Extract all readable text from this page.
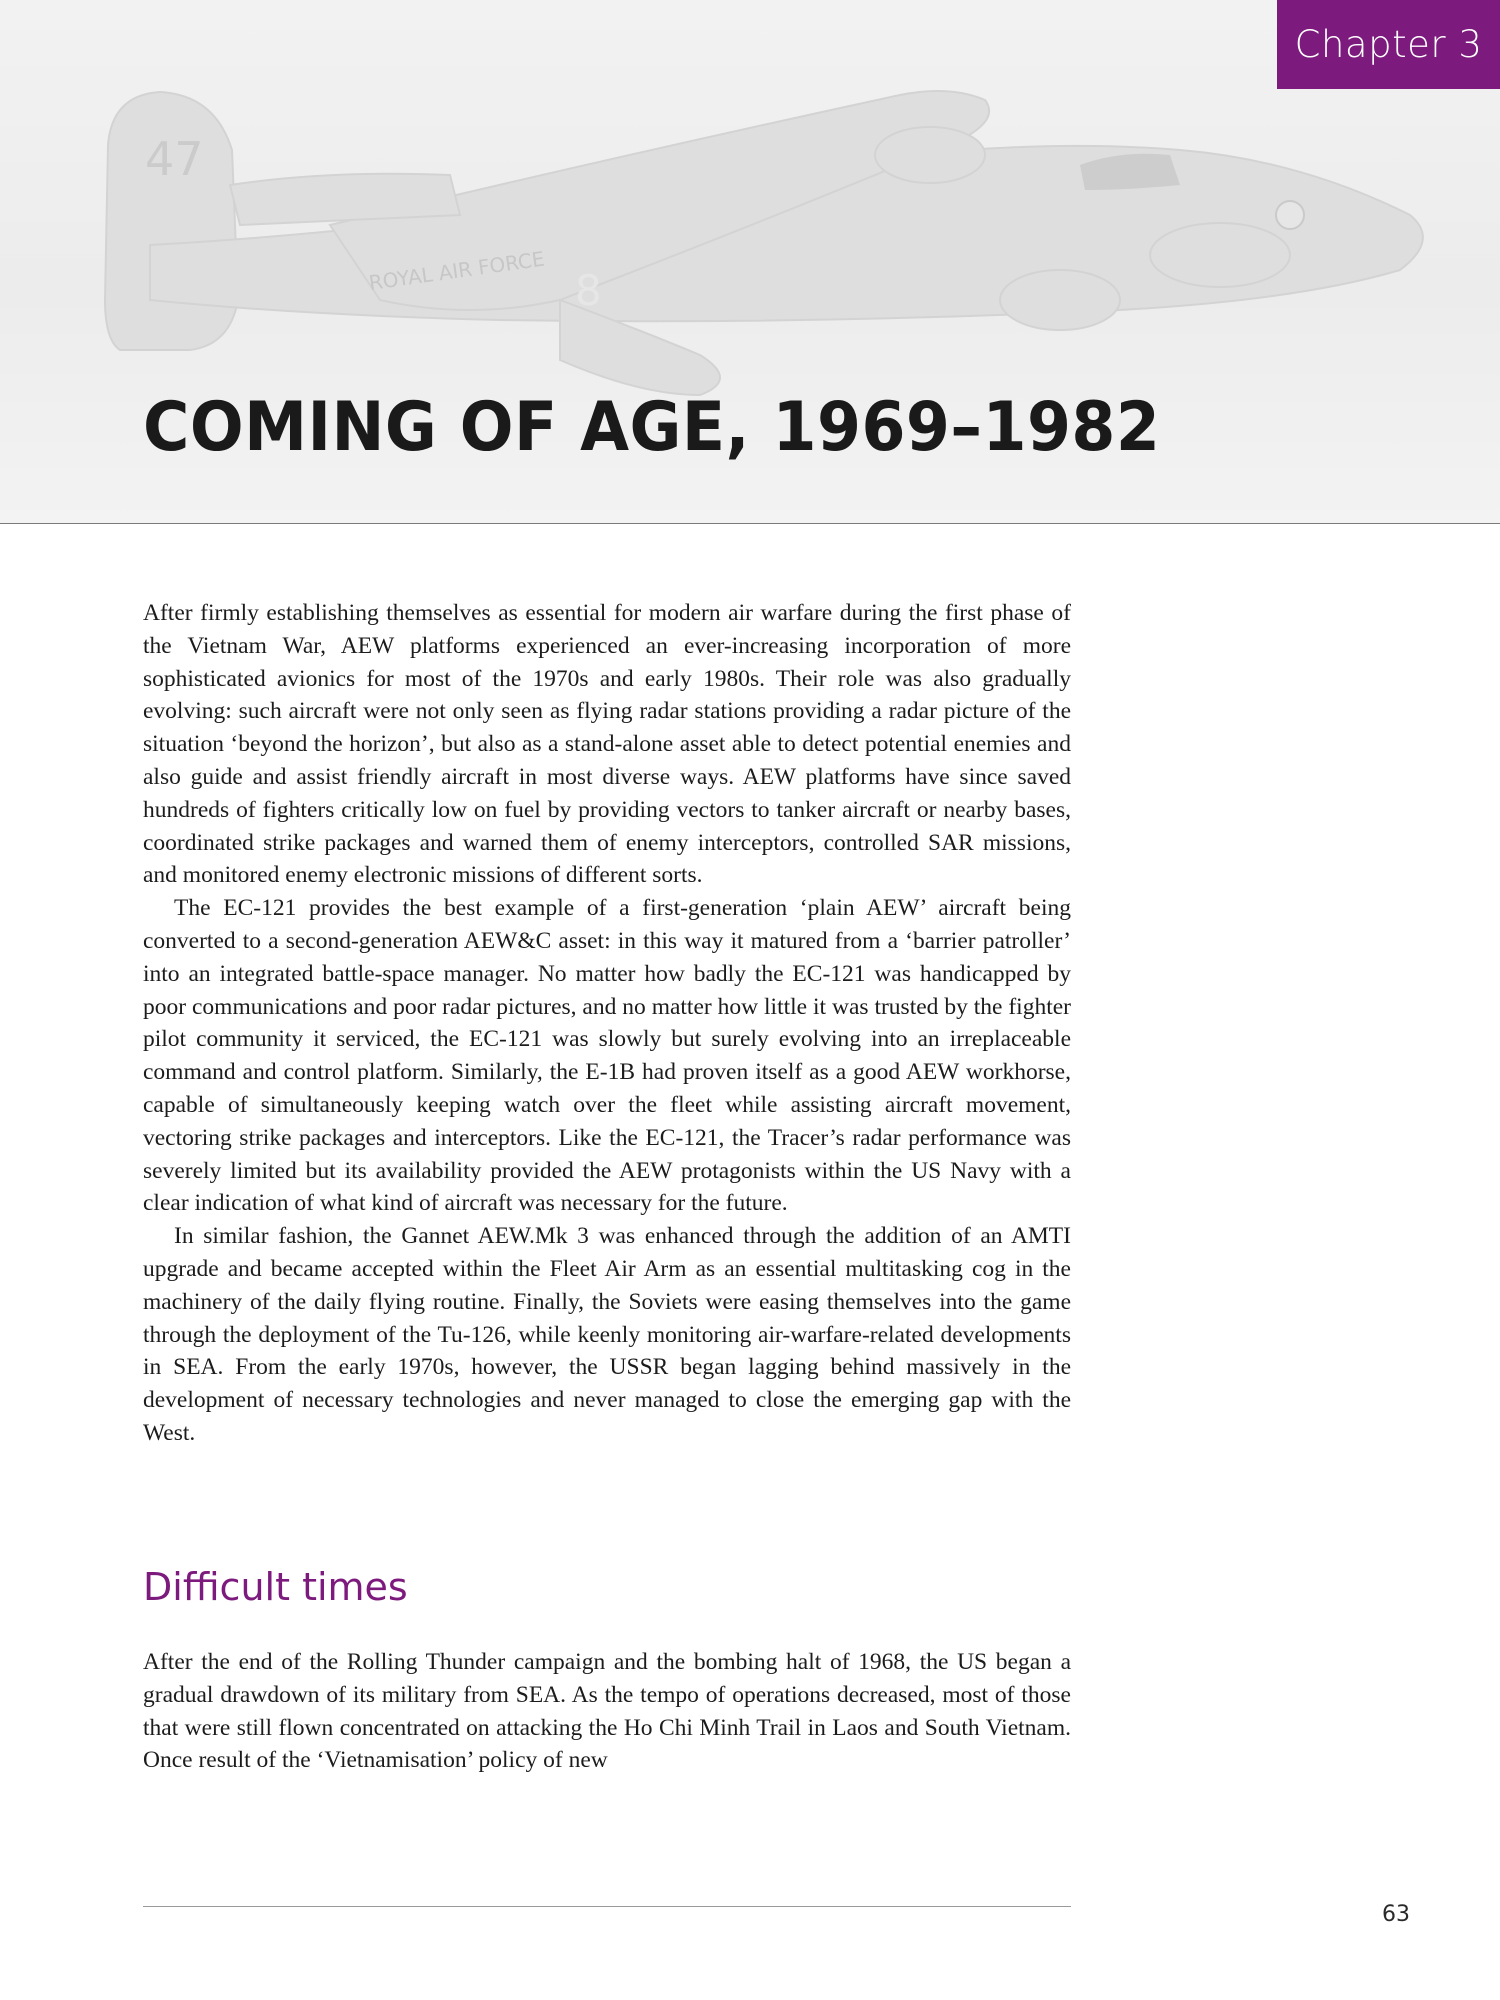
47
ROYAL AIR FORCE 8
Chapter 3
COMING OF AGE, 1969–1982

After firmly establishing themselves as essential for modern air warfare during the first phase of the Vietnam War, AEW platforms experienced an ever-increasing incorporation of more sophisticated avionics for most of the 1970s and early 1980s. Their role was also gradually evolving: such aircraft were not only seen as flying radar stations providing a radar picture of the situation ‘beyond the horizon’, but also as a stand-alone asset able to detect potential enemies and also guide and assist friendly aircraft in most diverse ways. AEW platforms have since saved hundreds of fighters critically low on fuel by providing vectors to tanker aircraft or nearby bases, coordinated strike packages and warned them of enemy interceptors, controlled SAR missions, and monitored enemy electronic missions of different sorts.

The EC-121 provides the best example of a first-generation ‘plain AEW’ aircraft being converted to a second-generation AEW&C asset: in this way it matured from a ‘barrier patroller’ into an integrated battle-space manager. No matter how badly the EC-121 was handicapped by poor communications and poor radar pictures, and no matter how little it was trusted by the fighter pilot community it serviced, the EC-121 was slowly but surely evolving into an irreplaceable command and control platform. Similarly, the E-1B had proven itself as a good AEW workhorse, capable of simultaneously keeping watch over the fleet while assisting aircraft movement, vectoring strike packages and interceptors. Like the EC-121, the Tracer’s radar performance was severely limited but its availability provided the AEW protagonists within the US Navy with a clear indication of what kind of aircraft was necessary for the future.

In similar fashion, the Gannet AEW.Mk 3 was enhanced through the addition of an AMTI upgrade and became accepted within the Fleet Air Arm as an essential multitasking cog in the machinery of the daily flying routine. Finally, the Soviets were easing themselves into the game through the deployment of the Tu-126, while keenly monitoring air-warfare-related developments in SEA. From the early 1970s, however, the USSR began lagging behind massively in the development of necessary technologies and never managed to close the emerging gap with the West.

Difficult times

After the end of the Rolling Thunder campaign and the bombing halt of 1968, the US began a gradual drawdown of its military from SEA. As the tempo of operations decreased, most of those that were still flown concentrated on attacking the Ho Chi Minh Trail in Laos and South Vietnam. Once result of the ‘Vietnamisation’ policy of new

63
